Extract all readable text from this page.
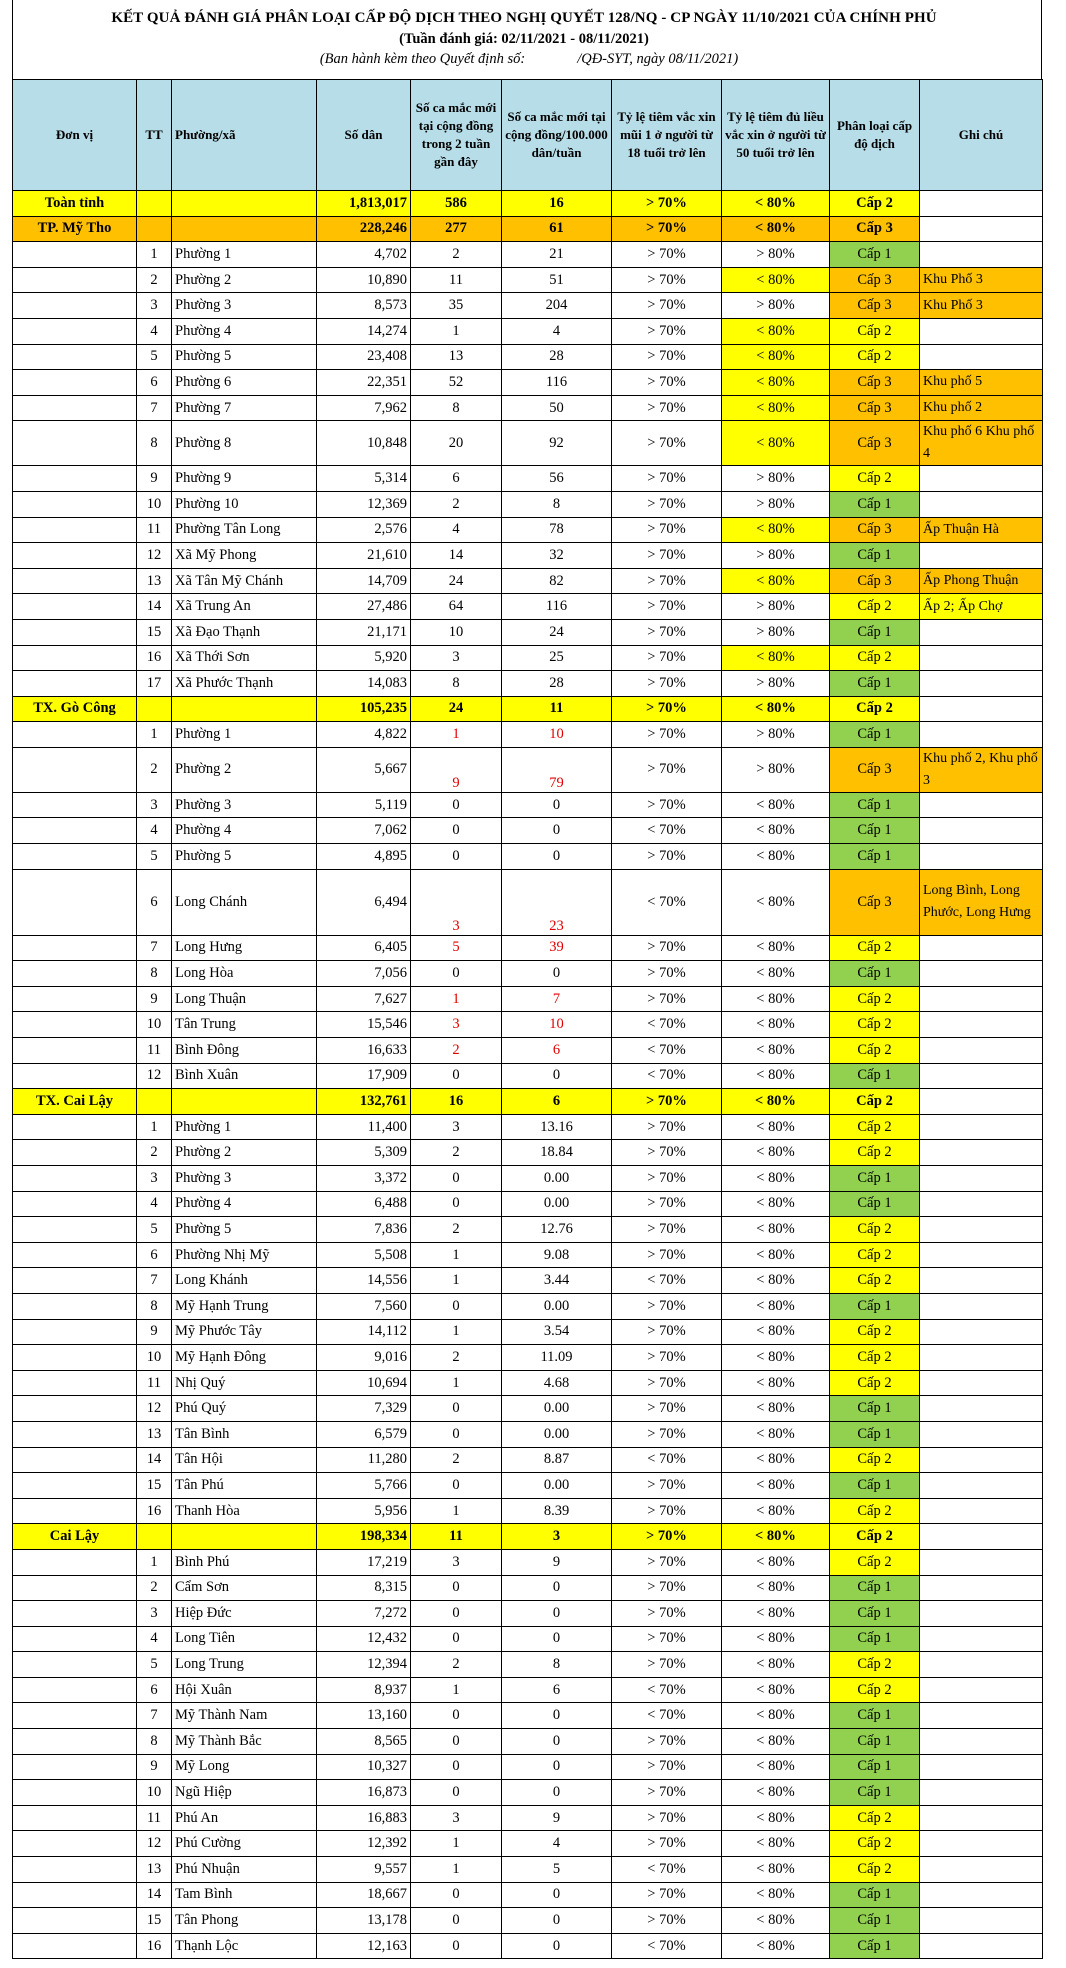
KẾT QUẢ ĐÁNH GIÁ PHÂN LOẠI CẤP ĐỘ DỊCH THEO NGHỊ QUYẾT 128/NQ - CP NGÀY 11/10/2021 CỦA CHÍNH PHỦ
(Tuần đánh giá: 02/11/2021 - 08/11/2021)
(Ban hành kèm theo Quyết định số:	/QĐ-SYT, ngày 08/11/2021)
Đơn vị	TT	Phường/xã	Số dân	Số ca mắc mới tại cộng đồng trong 2 tuần gần đây	Số ca mắc mới tại cộng đồng/100.000 dân/tuần	Tỷ lệ tiêm vắc xin mũi 1 ở người từ 18 tuổi trở lên	Tỷ lệ tiêm đủ liều vắc xin ở người từ 50 tuổi trở lên	Phân loại cấp độ dịch	Ghi chú
Toàn tỉnh			1,813,017	586	16	> 70%	< 80%	Cấp 2	
TP. Mỹ Tho			228,246	277	61	> 70%	< 80%	Cấp 3	
	1	Phường 1	4,702	2	21	> 70%	> 80%	Cấp 1	
	2	Phường 2	10,890	11	51	> 70%	< 80%	Cấp 3	Khu Phố 3
	3	Phường 3	8,573	35	204	> 70%	> 80%	Cấp 3	Khu Phố 3
	4	Phường 4	14,274	1	4	> 70%	< 80%	Cấp 2	
	5	Phường 5	23,408	13	28	> 70%	< 80%	Cấp 2	
	6	Phường 6	22,351	52	116	> 70%	< 80%	Cấp 3	Khu phố 5
	7	Phường 7	7,962	8	50	> 70%	< 80%	Cấp 3	Khu phố 2
	8	Phường 8	10,848	20	92	> 70%	< 80%	Cấp 3	Khu phố 6 Khu phố 4
	9	Phường 9	5,314	6	56	> 70%	> 80%	Cấp 2	
	10	Phường 10	12,369	2	8	> 70%	> 80%	Cấp 1	
	11	Phường Tân Long	2,576	4	78	> 70%	< 80%	Cấp 3	Ấp Thuận Hà
	12	Xã Mỹ Phong	21,610	14	32	> 70%	> 80%	Cấp 1	
	13	Xã Tân Mỹ Chánh	14,709	24	82	> 70%	< 80%	Cấp 3	Ấp Phong Thuận
	14	Xã Trung An	27,486	64	116	> 70%	> 80%	Cấp 2	Ấp 2; Ấp Chợ
	15	Xã Đạo Thạnh	21,171	10	24	> 70%	> 80%	Cấp 1	
	16	Xã Thới Sơn	5,920	3	25	> 70%	< 80%	Cấp 2	
	17	Xã Phước Thạnh	14,083	8	28	> 70%	> 80%	Cấp 1	
TX. Gò Công			105,235	24	11	> 70%	< 80%	Cấp 2	
	1	Phường 1	4,822	1	10	> 70%	> 80%	Cấp 1	
	2	Phường 2	5,667	9	79	> 70%	> 80%	Cấp 3	Khu phố 2, Khu phố 3
	3	Phường 3	5,119	0	0	> 70%	< 80%	Cấp 1	
	4	Phường 4	7,062	0	0	< 70%	< 80%	Cấp 1	
	5	Phường 5	4,895	0	0	> 70%	< 80%	Cấp 1	
	6	Long Chánh	6,494	3	23	< 70%	< 80%	Cấp 3	Long Bình, Long Phước, Long Hưng
	7	Long Hưng	6,405	5	39	> 70%	< 80%	Cấp 2	
	8	Long Hòa	7,056	0	0	> 70%	< 80%	Cấp 1	
	9	Long Thuận	7,627	1	7	> 70%	< 80%	Cấp 2	
	10	Tân Trung	15,546	3	10	< 70%	< 80%	Cấp 2	
	11	Bình Đông	16,633	2	6	< 70%	< 80%	Cấp 2	
	12	Bình Xuân	17,909	0	0	< 70%	< 80%	Cấp 1	
TX. Cai Lậy			132,761	16	6	> 70%	< 80%	Cấp 2	
	1	Phường 1	11,400	3	13.16	> 70%	< 80%	Cấp 2	
	2	Phường 2	5,309	2	18.84	> 70%	< 80%	Cấp 2	
	3	Phường 3	3,372	0	0.00	> 70%	< 80%	Cấp 1	
	4	Phường 4	6,488	0	0.00	> 70%	< 80%	Cấp 1	
	5	Phường 5	7,836	2	12.76	> 70%	< 80%	Cấp 2	
	6	Phường Nhị Mỹ	5,508	1	9.08	> 70%	< 80%	Cấp 2	
	7	Long Khánh	14,556	1	3.44	< 70%	< 80%	Cấp 2	
	8	Mỹ Hạnh Trung	7,560	0	0.00	> 70%	< 80%	Cấp 1	
	9	Mỹ Phước Tây	14,112	1	3.54	> 70%	< 80%	Cấp 2	
	10	Mỹ Hạnh Đông	9,016	2	11.09	> 70%	< 80%	Cấp 2	
	11	Nhị Quý	10,694	1	4.68	> 70%	< 80%	Cấp 2	
	12	Phú Quý	7,329	0	0.00	> 70%	< 80%	Cấp 1	
	13	Tân Bình	6,579	0	0.00	> 70%	< 80%	Cấp 1	
	14	Tân Hội	11,280	2	8.87	< 70%	< 80%	Cấp 2	
	15	Tân Phú	5,766	0	0.00	> 70%	< 80%	Cấp 1	
	16	Thanh Hòa	5,956	1	8.39	> 70%	< 80%	Cấp 2	
Cai Lậy			198,334	11	3	> 70%	< 80%	Cấp 2	
	1	Bình Phú	17,219	3	9	> 70%	< 80%	Cấp 2	
	2	Cẩm Sơn	8,315	0	0	> 70%	< 80%	Cấp 1	
	3	Hiệp Đức	7,272	0	0	> 70%	< 80%	Cấp 1	
	4	Long Tiên	12,432	0	0	> 70%	< 80%	Cấp 1	
	5	Long Trung	12,394	2	8	> 70%	< 80%	Cấp 2	
	6	Hội Xuân	8,937	1	6	< 70%	< 80%	Cấp 2	
	7	Mỹ Thành Nam	13,160	0	0	< 70%	< 80%	Cấp 1	
	8	Mỹ Thành Bắc	8,565	0	0	> 70%	< 80%	Cấp 1	
	9	Mỹ Long	10,327	0	0	> 70%	< 80%	Cấp 1	
	10	Ngũ Hiệp	16,873	0	0	> 70%	< 80%	Cấp 1	
	11	Phú An	16,883	3	9	> 70%	< 80%	Cấp 2	
	12	Phú Cường	12,392	1	4	> 70%	< 80%	Cấp 2	
	13	Phú Nhuận	9,557	1	5	< 70%	< 80%	Cấp 2	
	14	Tam Bình	18,667	0	0	> 70%	< 80%	Cấp 1	
	15	Tân Phong	13,178	0	0	> 70%	< 80%	Cấp 1	
	16	Thạnh Lộc	12,163	0	0	< 70%	< 80%	Cấp 1	
